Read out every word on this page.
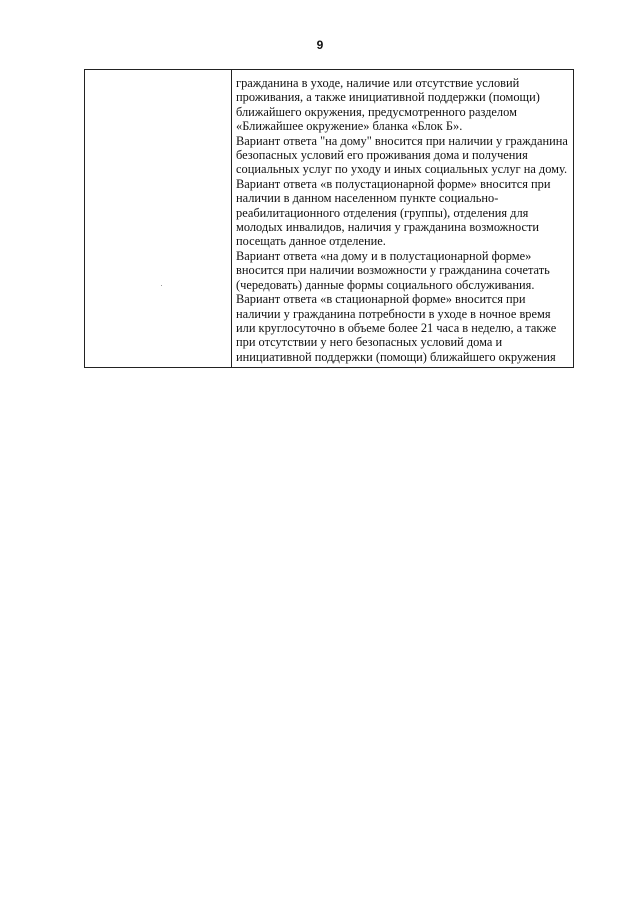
9

гражданина в уходе, наличие или отсутствие условий проживания, а также инициативной поддержки (помощи) ближайшего окружения, предусмотренного разделом «Ближайшее окружение» бланка «Блок Б».
Вариант ответа "на дому" вносится при наличии у гражданина безопасных условий его проживания дома и получения социальных услуг по уходу и иных социальных услуг на дому.
Вариант ответа «в полустационарной форме» вносится при наличии в данном населенном пункте социально-реабилитационного отделения (группы), отделения для молодых инвалидов, наличия у гражданина возможности посещать данное отделение.
Вариант ответа «на дому и в полустационарной форме» вносится при наличии возможности у гражданина сочетать (чередовать) данные формы социального обслуживания.
Вариант ответа «в стационарной форме» вносится при наличии у гражданина потребности в уходе в ночное время или круглосуточно в объеме более 21 часа в неделю, а также при отсутствии у него безопасных условий дома и инициативной поддержки (помощи) ближайшего окружения
